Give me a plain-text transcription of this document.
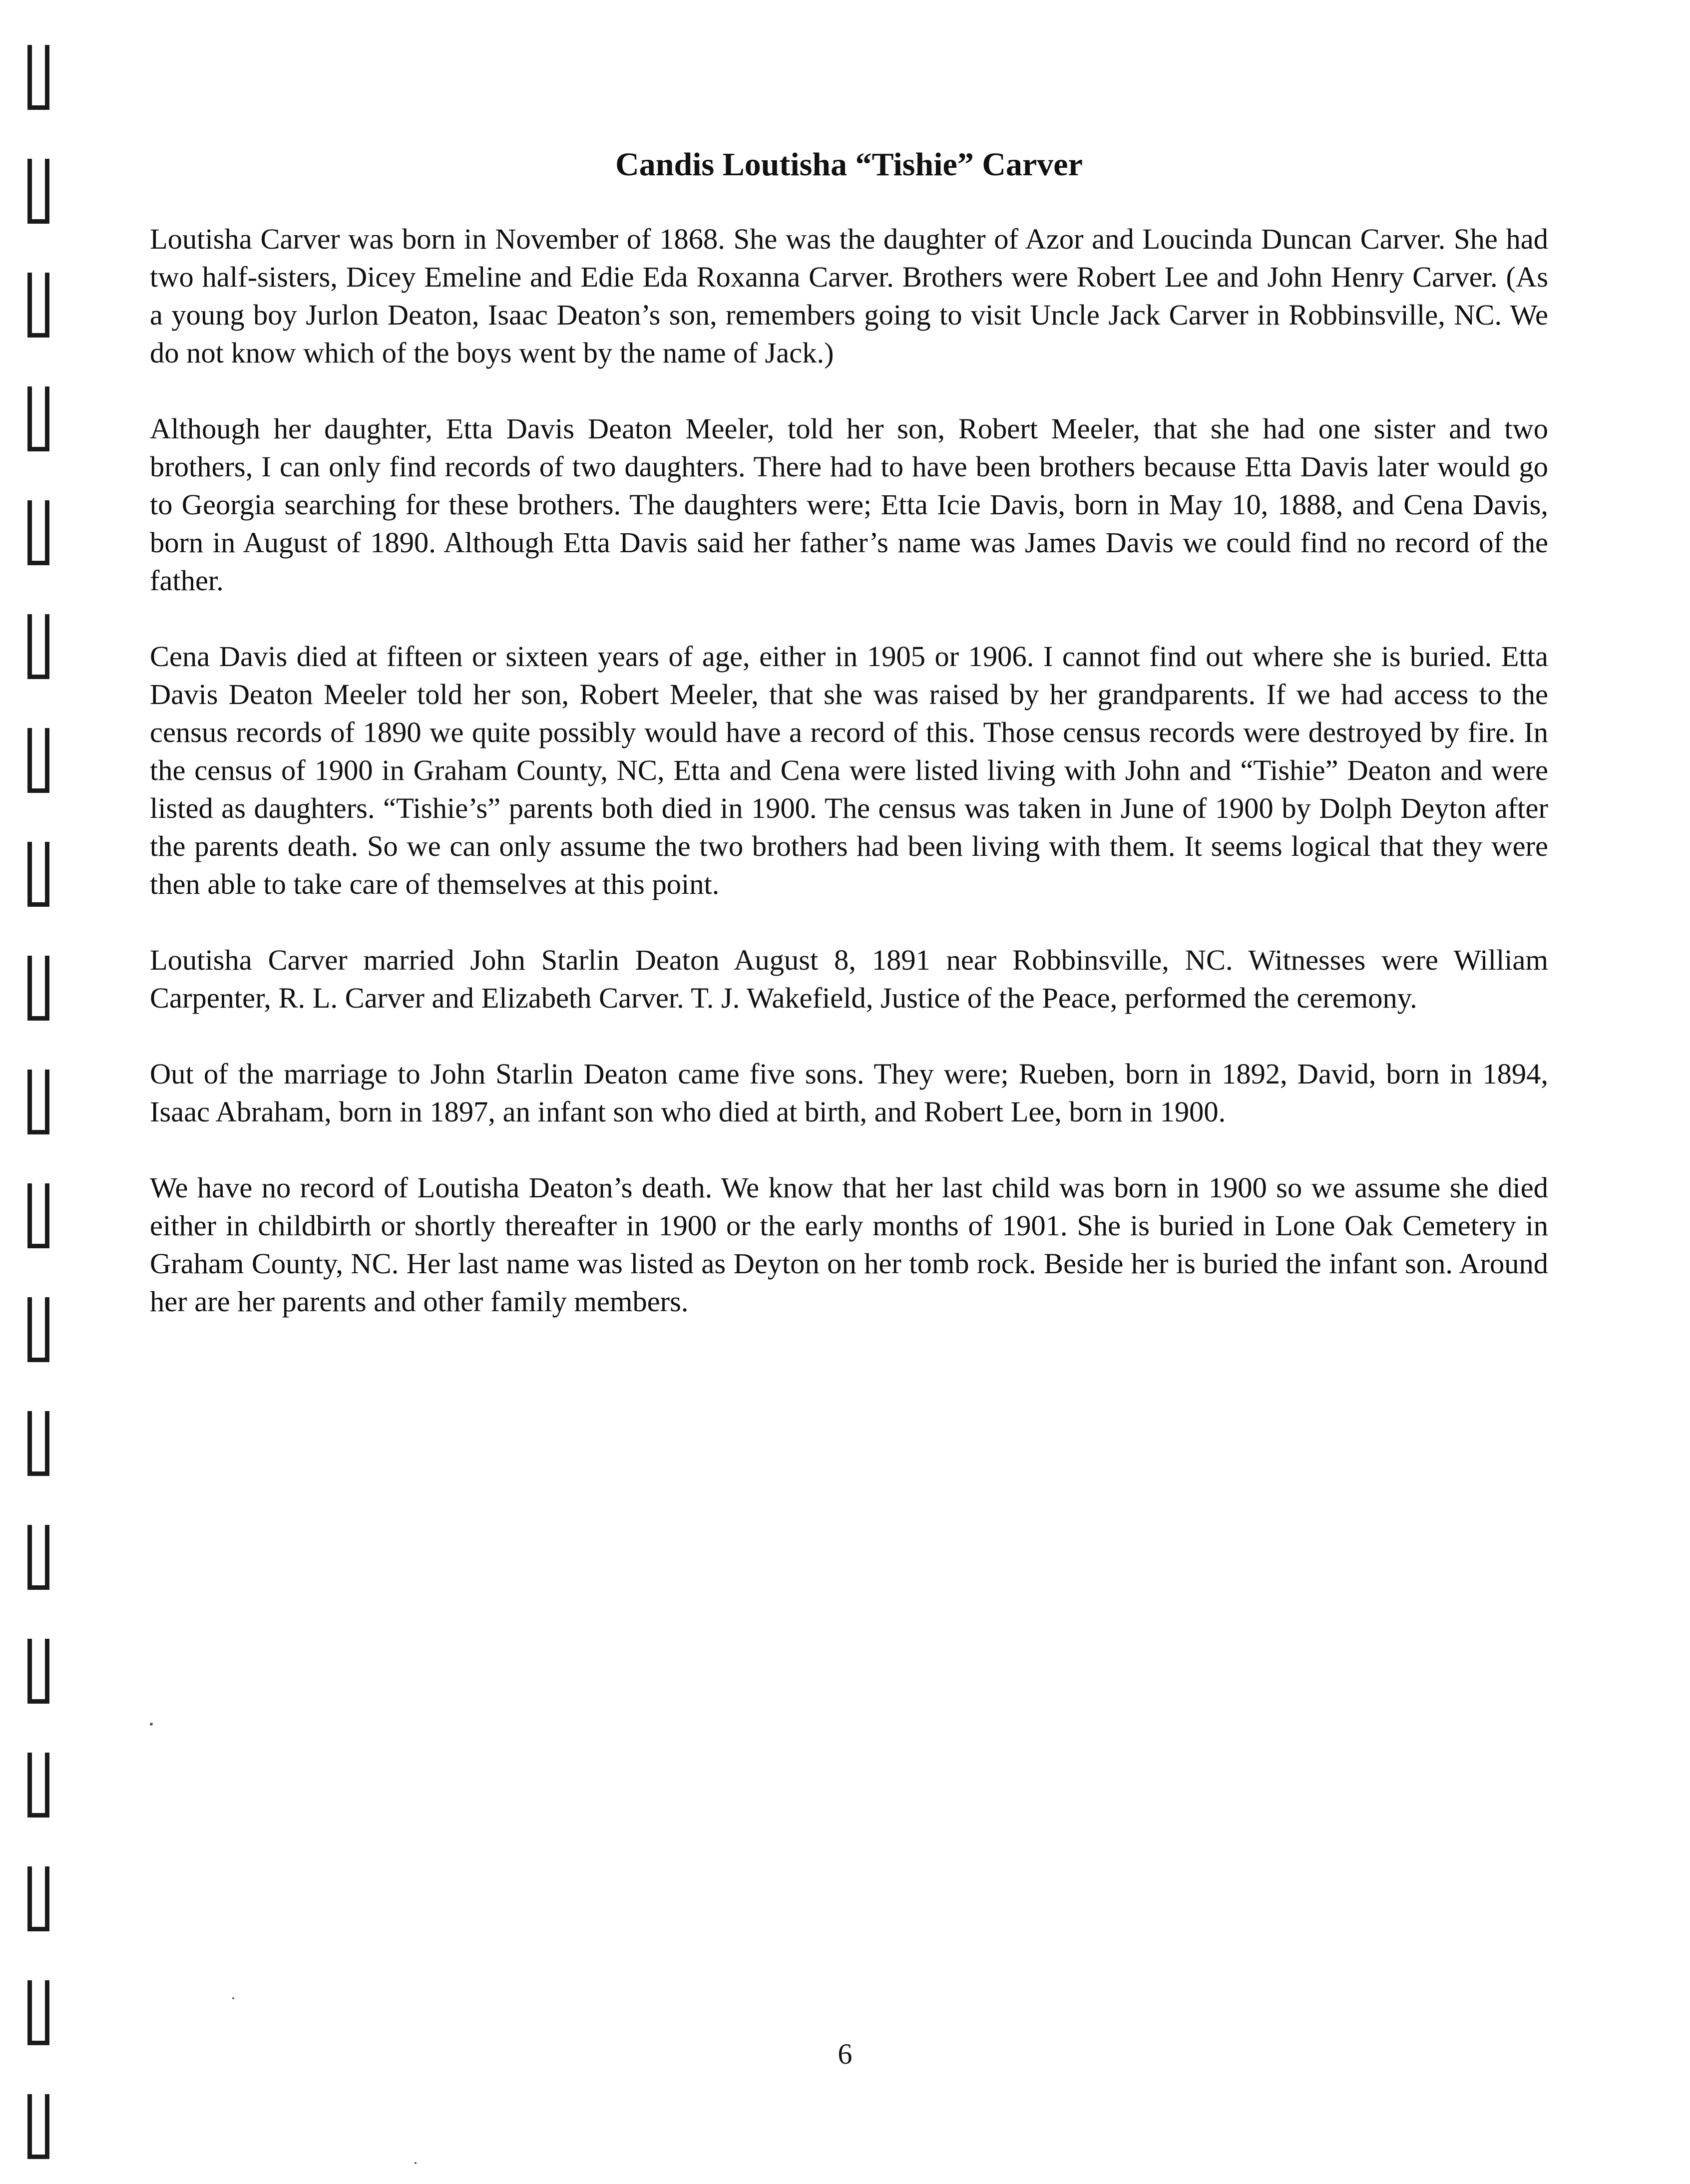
Candis Loutisha “Tishie” Carver

Loutisha Carver was born in November of 1868. She was the daughter of Azor and Loucinda Duncan Carver. She had two half-sisters, Dicey Emeline and Edie Eda Roxanna Carver. Brothers were Robert Lee and John Henry Carver. (As a young boy Jurlon Deaton, Isaac Deaton’s son, remembers going to visit Uncle Jack Carver in Robbinsville, NC. We do not know which of the boys went by the name of Jack.)

Although her daughter, Etta Davis Deaton Meeler, told her son, Robert Meeler, that she had one sister and two brothers, I can only find records of two daughters. There had to have been brothers because Etta Davis later would go to Georgia searching for these brothers. The daughters were; Etta Icie Davis, born in May 10, 1888, and Cena Davis, born in August of 1890. Although Etta Davis said her father’s name was James Davis we could find no record of the father.

Cena Davis died at fifteen or sixteen years of age, either in 1905 or 1906. I cannot find out where she is buried. Etta Davis Deaton Meeler told her son, Robert Meeler, that she was raised by her grandparents. If we had access to the census records of 1890 we quite possibly would have a record of this. Those census records were destroyed by fire. In the census of 1900 in Graham County, NC, Etta and Cena were listed living with John and “Tishie” Deaton and were listed as daughters. “Tishie’s” parents both died in 1900. The census was taken in June of 1900 by Dolph Deyton after the parents death. So we can only assume the two brothers had been living with them. It seems logical that they were then able to take care of themselves at this point.

Loutisha Carver married John Starlin Deaton August 8, 1891 near Robbinsville, NC. Witnesses were William Carpenter, R. L. Carver and Elizabeth Carver. T. J. Wakefield, Justice of the Peace, performed the ceremony.

Out of the marriage to John Starlin Deaton came five sons. They were; Rueben, born in 1892, David, born in 1894, Isaac Abraham, born in 1897, an infant son who died at birth, and Robert Lee, born in 1900.

We have no record of Loutisha Deaton’s death. We know that her last child was born in 1900 so we assume she died either in childbirth or shortly thereafter in 1900 or the early months of 1901. She is buried in Lone Oak Cemetery in Graham County, NC. Her last name was listed as Deyton on her tomb rock. Beside her is buried the infant son. Around her are her parents and other family members.

6
